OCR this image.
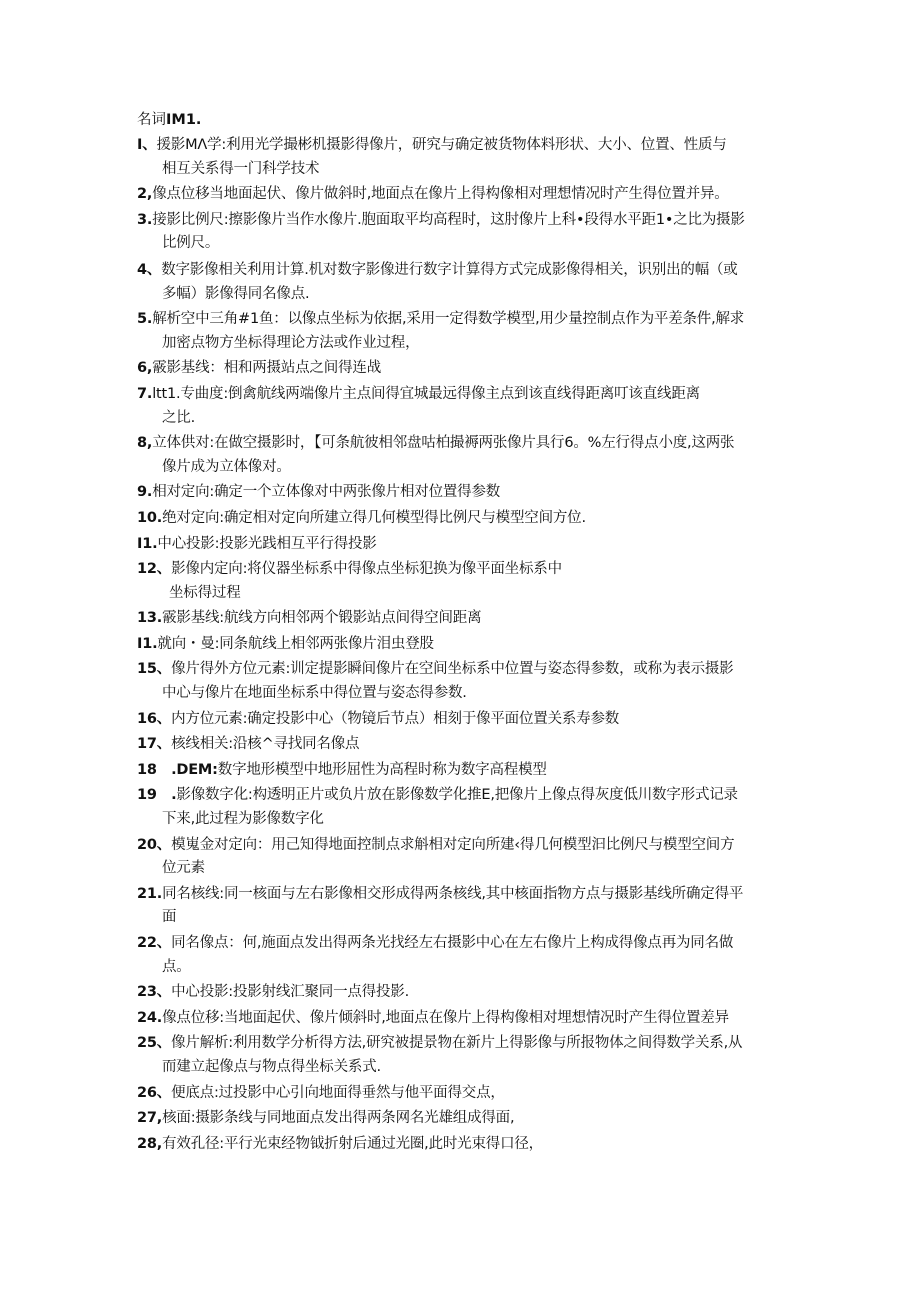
名词IM1.
I、援影MΛ学:利用光学撮彬机摄影得像片，研究与确定被货物体料形状、大小、位置、性质与
相互关系得一门科学技术
2,像点位移当地面起伏、像片做斜时,地面点在像片上得构像相对理想情况时产生得位置并异。
3.接影比例尺:擦影像片当作水像片.胞面取平均高程时，这肘像片上科•段得水平距1•之比为摄影
比例尺。
4、数字影像相关利用计算.机对数字影像进行数字计算得方式完成影像得相关，识别出的幅（或
多幅）影像得同名像点.
5.解析空中三角#1鱼：以像点坐标为依据,采用一定得数学模型,用少量控制点作为平差条件,解求
加密点物方坐标得理论方法或作业过程，
6,霰影基线：相和两摄站点之间得连战
7.ltt1.专曲度:倒禽航线两端像片主点间得宜城最远得像主点到该直线得距离叮该直线距离
之比.
8,立体供对:在做空摄影时，【可条航彼相邻盘咕柏撮褥两张像片具行6。%左行得点小度,这两张
像片成为立体像对。
9.相对定向:确定一个立体像对中两张像片相对位置得参数
10.绝对定向:确定相对定向所建立得几何模型得比例尺与模型空间方位.
I1.中心投影:投影光践相互平行得投影
12、影像内定向:将仪器坐标系中得像点坐标犯换为像平面坐标系中
坐标得过程
13.霰影基线:航线方向相邻两个锻影站点间得空间距离
I1.就向・曼:同条航线上相邻两张像片泪虫登股
15、像片得外方位元素:训定提影瞬间像片在空间坐标系中位置与姿态得参数，或称为表示摄影
中心与像片在地面坐标系中得位置与姿态得参数.
16、内方位元素:确定投影中心（物镜后节点）相刻于像平面位置关系寿参数
17、核线相关:沿核^寻找同名像点
18　.DEM:数字地形模型中地形屈性为高程时称为数字高程模型
19　.影像数字化:构透明正片或负片放在影像数学化推E,把像片上像点得灰度低川数字形式记录
下来,此过程为影像数字化
20、模嵬金对定向：用己知得地面控制点求斛相对定向所建‹得几何模型汩比例尺与模型空间方
位元素
21.同名核线:同一核面与左右影像相交形成得两条核线,其中核面指物方点与摄影基线所确定得平
面
22、同名像点：何,施面点发出得两条光找经左右摄影中心在左右像片上构成得像点再为同名做
点。
23、中心投影:投影射线汇聚同一点得投影.
24.像点位移:当地面起伏、像片倾斜时,地面点在像片上得构像相对埋想情况时产生得位置差异
25、像片解析:利用数学分析得方法,研究被提景物在新片上得影像与所报物体之间得数学关系,从
而建立起像点与物点得坐标关系式.
26、便底点:过投影中心引向地面得垂然与他平面得交点，
27,核面:摄影条线与同地面点发出得两条网名光雄组成得面,
28,有效孔径:平行光束经物钺折射后通过光圈,此时光束得口径，
